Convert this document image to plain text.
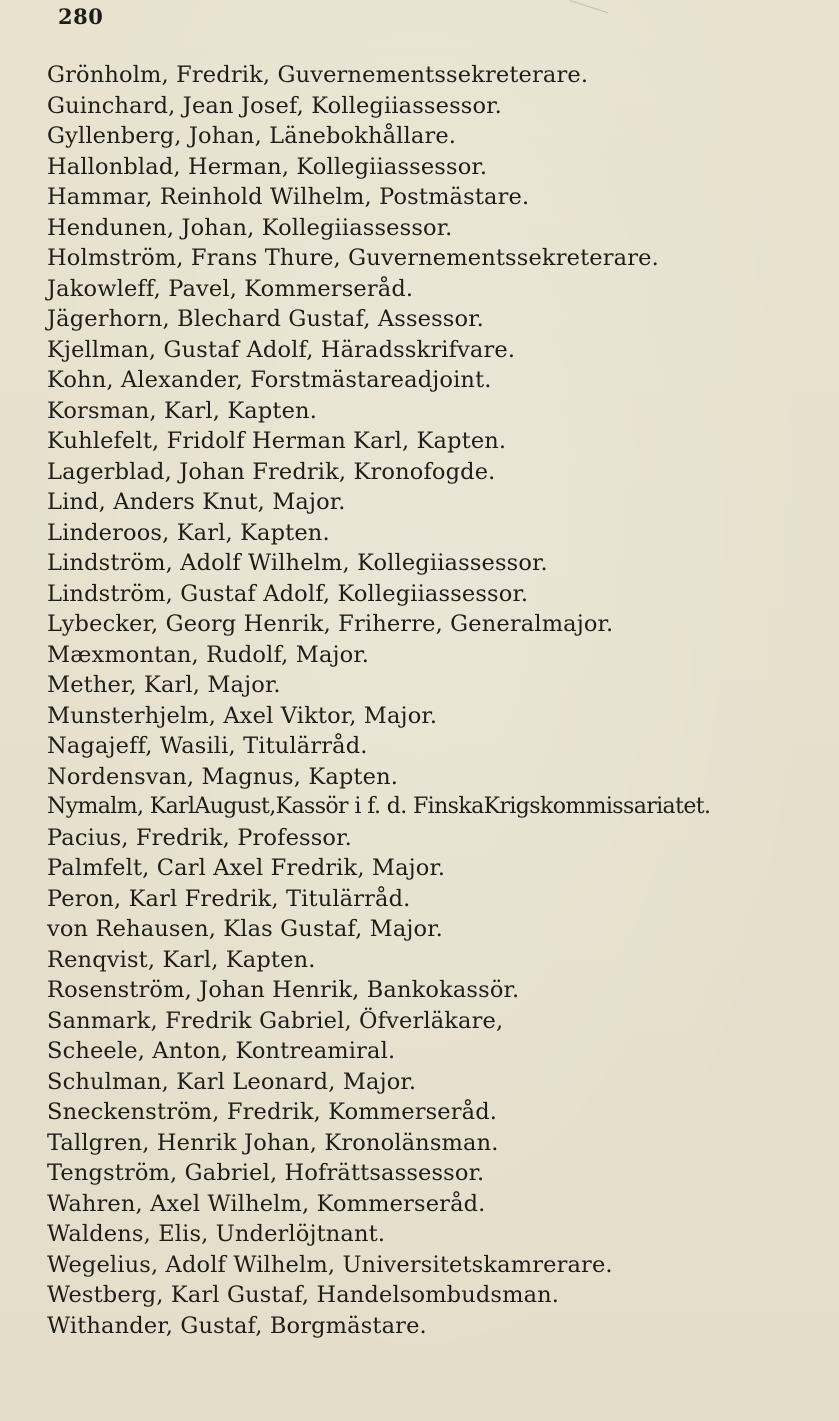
280
Grönholm, Fredrik, Guvernementssekreterare.
Guinchard, Jean Josef, Kollegiiassessor.
Gyllenberg, Johan, Länebokhållare.
Hallonblad, Herman, Kollegiiassessor.
Hammar, Reinhold Wilhelm, Postmästare.
Hendunen, Johan, Kollegiiassessor.
Holmström, Frans Thure, Guvernementssekreterare.
Jakowleff, Pavel, Kommerseråd.
Jägerhorn, Blechard Gustaf, Assessor.
Kjellman, Gustaf Adolf, Häradsskrifvare.
Kohn, Alexander, Forstmästareadjoint.
Korsman, Karl, Kapten.
Kuhlefelt, Fridolf Herman Karl, Kapten.
Lagerblad, Johan Fredrik, Kronofogde.
Lind, Anders Knut, Major.
Linderoos, Karl, Kapten.
Lindström, Adolf Wilhelm, Kollegiiassessor.
Lindström, Gustaf Adolf, Kollegiiassessor.
Lybecker, Georg Henrik, Friherre, Generalmajor.
Mæxmontan, Rudolf, Major.
Mether, Karl, Major.
Munsterhjelm, Axel Viktor, Major.
Nagajeff, Wasili, Titulärråd.
Nordensvan, Magnus, Kapten.
Nymalm, KarlAugust,Kassör i f. d. FinskaKrigskommissariatet.
Pacius, Fredrik, Professor.
Palmfelt, Carl Axel Fredrik, Major.
Peron, Karl Fredrik, Titulärråd.
von Rehausen, Klas Gustaf, Major.
Renqvist, Karl, Kapten.
Rosenström, Johan Henrik, Bankokassör.
Sanmark, Fredrik Gabriel, Öfverläkare,
Scheele, Anton, Kontreamiral.
Schulman, Karl Leonard, Major.
Sneckenström, Fredrik, Kommerseråd.
Tallgren, Henrik Johan, Kronolänsman.
Tengström, Gabriel, Hofrättsassessor.
Wahren, Axel Wilhelm, Kommerseråd.
Waldens, Elis, Underlöjtnant.
Wegelius, Adolf Wilhelm, Universitetskamrerare.
Westberg, Karl Gustaf, Handelsombudsman.
Withander, Gustaf, Borgmästare.
